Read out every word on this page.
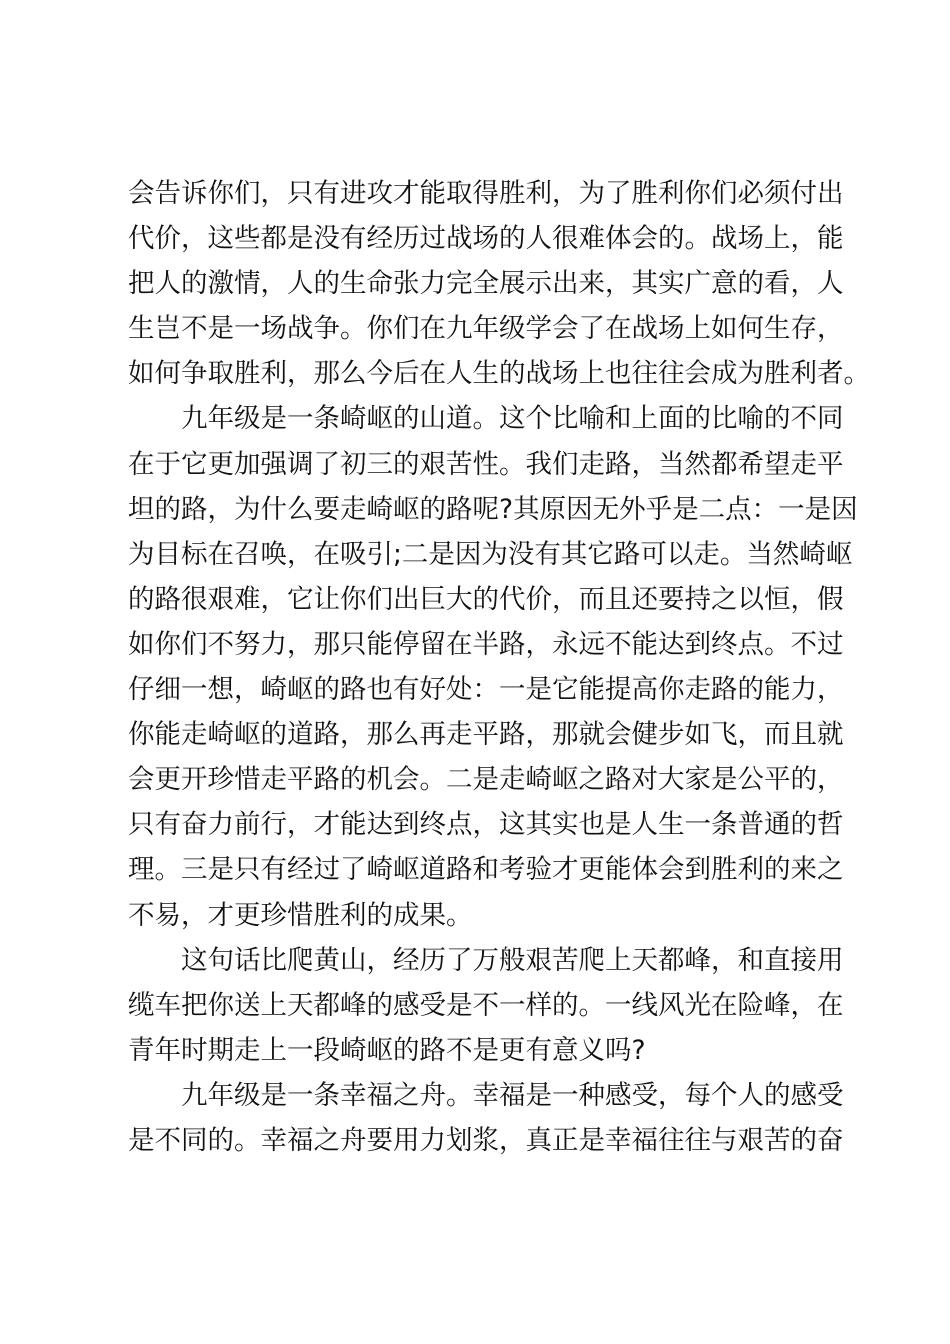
会告诉你们，只有进攻才能取得胜利，为了胜利你们必须付出
代价，这些都是没有经历过战场的人很难体会的。战场上，能
把人的激情，人的生命张力完全展示出来，其实广意的看，人
生岂不是一场战争。你们在九年级学会了在战场上如何生存，
如何争取胜利，那么今后在人生的战场上也往往会成为胜利者。
九年级是一条崎岖的山道。这个比喻和上面的比喻的不同
在于它更加强调了初三的艰苦性。我们走路，当然都希望走平
坦的路，为什么要走崎岖的路呢?其原因无外乎是二点：一是因
为目标在召唤，在吸引;二是因为没有其它路可以走。当然崎岖
的路很艰难，它让你们出巨大的代价，而且还要持之以恒，假
如你们不努力，那只能停留在半路，永远不能达到终点。不过
仔细一想，崎岖的路也有好处：一是它能提高你走路的能力，
你能走崎岖的道路，那么再走平路，那就会健步如飞，而且就
会更开珍惜走平路的机会。二是走崎岖之路对大家是公平的，
只有奋力前行，才能达到终点，这其实也是人生一条普通的哲
理。三是只有经过了崎岖道路和考验才更能体会到胜利的来之
不易，才更珍惜胜利的成果。
这句话比爬黄山，经历了万般艰苦爬上天都峰，和直接用
缆车把你送上天都峰的感受是不一样的。一线风光在险峰，在
青年时期走上一段崎岖的路不是更有意义吗?
九年级是一条幸福之舟。幸福是一种感受，每个人的感受
是不同的。幸福之舟要用力划浆，真正是幸福往往与艰苦的奋
